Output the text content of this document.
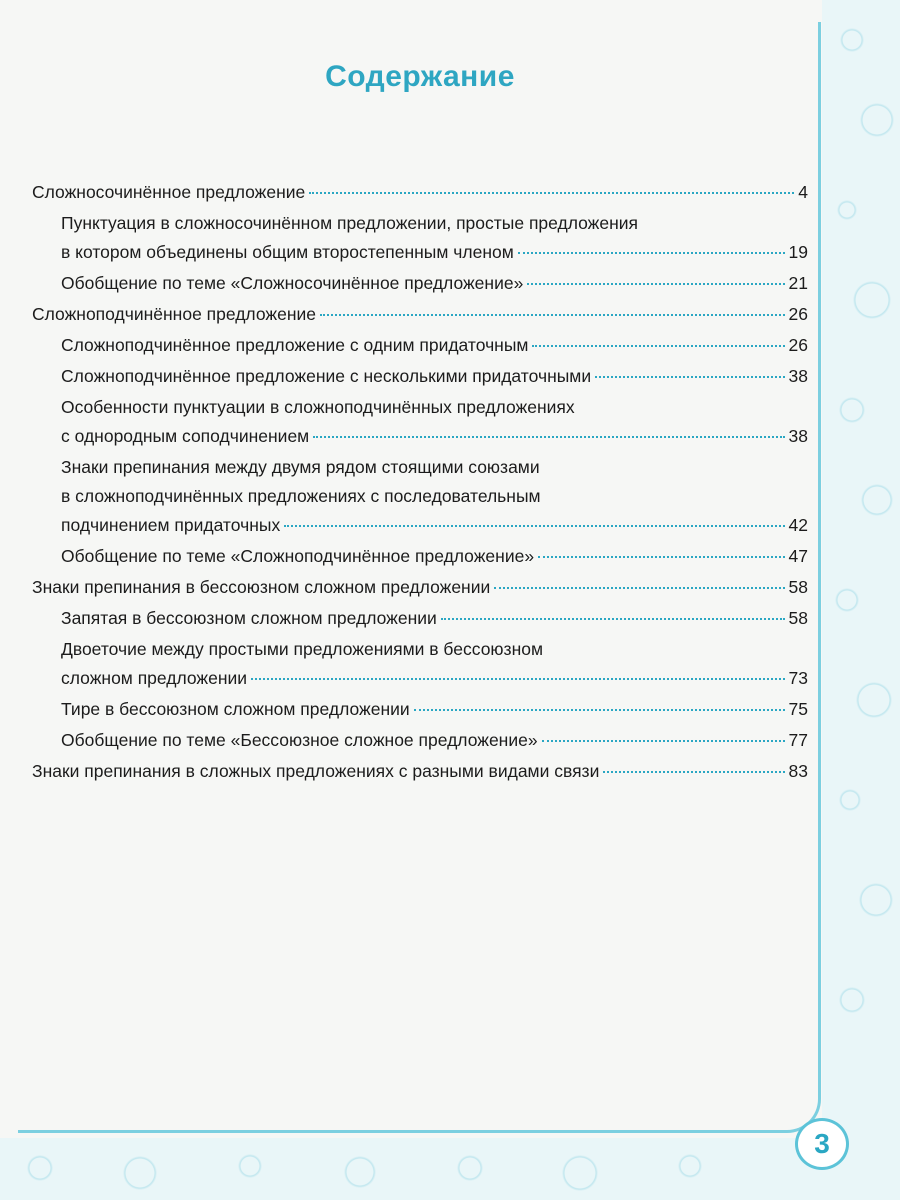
Содержание
Сложносочинённое предложение	4
Пунктуация в сложносочинённом предложении, простые предложения
в котором объединены общим второстепенным членом	19
Обобщение по теме «Сложносочинённое предложение»	21
Сложноподчинённое предложение	26
Сложноподчинённое предложение с одним придаточным	26
Сложноподчинённое предложение с несколькими придаточными	38
Особенности пунктуации в сложноподчинённых предложениях
с однородным соподчинением	38
Знаки препинания между двумя рядом стоящими союзами
в сложноподчинённых предложениях с последовательным
подчинением придаточных	42
Обобщение по теме «Сложноподчинённое предложение»	47
Знаки препинания в бессоюзном сложном предложении	58
Запятая в бессоюзном сложном предложении	58
Двоеточие между простыми предложениями в бессоюзном
сложном предложении	73
Тире в бессоюзном сложном предложении	75
Обобщение по теме «Бессоюзное сложное предложение»	77
Знаки препинания в сложных предложениях с разными видами связи	83
3
